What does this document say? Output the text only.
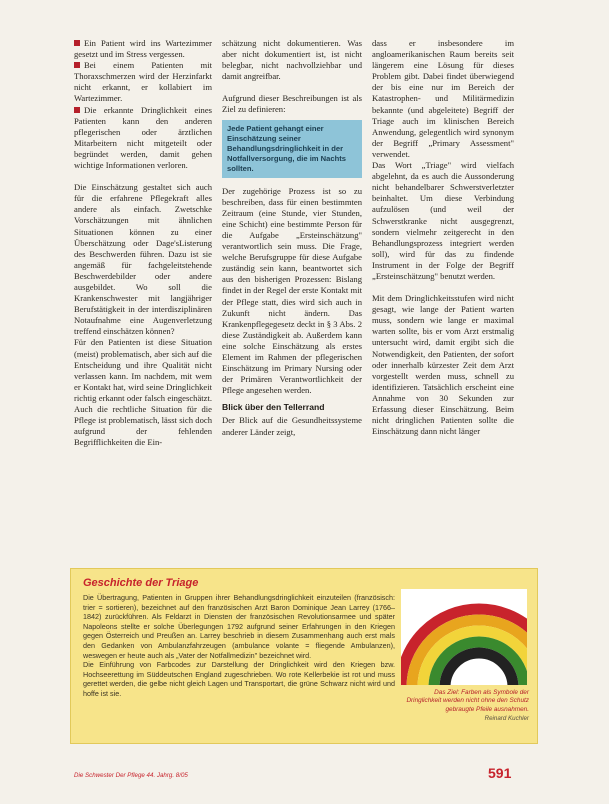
Ein Patient wird ins Wartezimmer gesetzt und im Stress vergessen.

Bei einem Patienten mit Thoraxschmerzen wird der Herzinfarkt nicht erkannt, er kollabiert im Wartezimmer.

Die erkannte Dringlichkeit eines Patienten kann den anderen pflegerischen oder ärztlichen Mitarbeitern nicht mitgeteilt oder begründet werden, damit gehen wichtige Informationen verloren.

Die Einschätzung gestaltet sich auch für die erfahrene Pflegekraft alles andere als einfach. Zwetschke Vorschätzungen mit ähnlichen Situationen können zu einer Überschätzung oder Dage'sListerung des Beschwerden führen. Dazu ist sie angemäß für fachgeleitstehende Beschwerdebilder oder andere ausgebildet. Wo soll die Krankenschwester mit langjähriger Berufstätigkeit in der interdisziplinären Notaufnahme eine Augenverletzung treffend einschätzen können?

Für den Patienten ist diese Situation (meist) problematisch, aber sich auf die Entscheidung und ihre Qualität nicht verlassen kann. Im nachdem, mit wem er Kontakt hat, wird seine Dringlichkeit richtig erkannt oder falsch eingeschätzt. Auch die rechtliche Situation für die Pflege ist problematisch, lässt sich doch aufgrund der fehlenden Begrifflichkeiten die Ein-

schätzung nicht dokumentieren. Was aber nicht dokumentiert ist, ist nicht belegbar, nicht nachvollziehbar und damit angreifbar.

Aufgrund dieser Beschreibungen ist als Ziel zu definieren:

Jede Patient gehangt einer Einschätzung seiner Behandlungsdringlichkeit in der Notfallversorgung, die im Nachts sollten.

Der zugehörige Prozess ist so zu beschreiben, dass für einen bestimmten Zeitraum (eine Stunde, vier Stunden, eine Schicht) eine bestimmte Person für die Aufgabe „Ersteinschätzung" verantwortlich sein muss. Die Frage, welche Berufsgruppe für diese Aufgabe zuständig sein kann, beantwortet sich aus den bisherigen Prozessen: Bislang findet in der Regel der erste Kontakt mit der Pflege statt, dies wird sich auch in Zukunft nicht ändern. Das Krankenpflegegesetz deckt in § 3 Abs. 2 diese Zuständigkeit ab. Außerdem kann eine solche Einschätzung als erstes Element im Rahmen der pflegerischen Einschätzung im Primary Nursing oder der Primären Verantwortlichkeit der Pflege angesehen werden.

Blick über den Tellerrand

Der Blick auf die Gesundheitssysteme anderer Länder zeigt,

dass er insbesondere im angloamerikanischen Raum bereits seit längerem eine Lösung für dieses Problem gibt. Dabei findet überwiegend der bis eine nur im Bereich der Katastrophen- und Militärmedizin bekannte (und abgeleitete) Begriff der Triage auch im klinischen Bereich Anwendung, gelegentlich wird synonym der Begriff „Primary Assessment" verwendet.

Das Wort „Triage" wird vielfach abgelehnt, da es auch die Aussonderung nicht behandelbarer Schwerstverletzter beinhaltet. Um diese Verbindung aufzulösen (und weil der Schwerstkranke nicht ausgegrenzt, sondern vielmehr zeitgerecht in den Behandlungsprozess integriert werden soll), wird für das zu findende Instrument in der Folge der Begriff „Ersteinschätzung" benutzt werden.

Mit dem Dringlichkeitsstufen wird nicht gesagt, wie lange der Patient warten muss, sondern wie lange er maximal warten sollte, bis er vom Arzt erstmalig untersucht wird, damit ergibt sich die Notwendigkeit, den Patienten, der sofort oder innerhalb kürzester Zeit dem Arzt vorgestellt werden muss, schnell zu identifizieren. Tatsächlich erscheint eine Annahme von 30 Sekunden zur Erfassung dieser Einschätzung. Beim nicht dringlichen Patienten sollte die Einschätzung dann nicht länger

Geschichte der Triage

Die Übertragung, Patienten in Gruppen ihrer Behandlungsdringlichkeit einzuteilen (französisch: trier = sortieren), bezeichnet auf den französischen Arzt Baron Dominique Jean Larrey (1766–1842) zurückführen. Als Feldarzt in Diensten der französischen Revolutionsarmee und später Napoleons stellte er solche Überlegungen 1792 aufgrund seiner Erfahrungen in den Kriegen gegen Österreich und Preußen an. Larrey beschrieb in diesem Zusammenhang auch erst mals den Gedanken von Ambulanzfahrzeugen (ambulance volante = fliegende Ambulanzen), weswegen er heute auch als „Vater der Notfallmedizin" bezeichnet wird.

Die Einführung von Farbcodes zur Darstellung der Dringlichkeit wird den Kriegen bzw. Hochseerettung im Süddeutschen England zugeschrieben. Wo rote Kellerbekie ist rot und muss gerettet werden, die gelbe nicht gleich Lagen und Transportart, die grüne Schwarz nicht wird und hoffe ist sie.	Das Ziel: Farben als Symbole der Dringlichkeit werden nicht ohne den Schutz gebraugte Pfeile ausnahmen.
Reinard Kuchler
Die Schwester Der Pflege 44. Jahrg. 8/05	591
